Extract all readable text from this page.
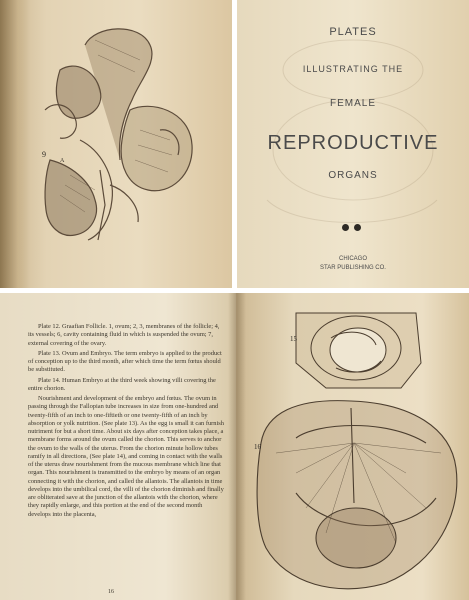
9
A
PLATES
ILLUSTRATING THE
FEMALE
REPRODUCTIVE
ORGANS
CHICAGO
STAR PUBLISHING CO.

Plate 12. Graafian Follicle. 1, ovum; 2, 3, membranes of the follicle; 4, its vessels; 6, cavity containing fluid in which is suspended the ovum; 7, external covering of the ovary.

Plate 13. Ovum and Embryo. The term embryo is applied to the product of conception up to the third month, after which time the term fœtus should be substituted.

Plate 14. Human Embryo at the third week showing villi covering the entire chorion.

Nourishment and development of the embryo and fœtus. The ovum in passing through the Fallopian tube increases in size from one-hundred and twenty-fifth of an inch to one-fiftieth or one twenty-fifth of an inch by absorption or yolk nutrition. (See plate 13). As the egg is small it can furnish nutriment for but a short time. About six days after conception takes place, a membrane forms around the ovum called the chorion. This serves to anchor the ovum to the walls of the uterus. From the chorion minute hollow tubes ramify in all directions, (See plate 14), and coming in contact with the walls of the uterus draw nourishment from the mucous membrane which line that organ. This nourishment is transmitted to the embryo by means of an organ connecting it with the chorion, and called the allantois. The allantois in time develops into the umbilical cord, the villi of the chorion diminish and finally are obliterated save at the junction of the allantois with the chorion, where they rapidly enlarge, and this portion at the end of the second month develops into the placenta,

16
15
16
